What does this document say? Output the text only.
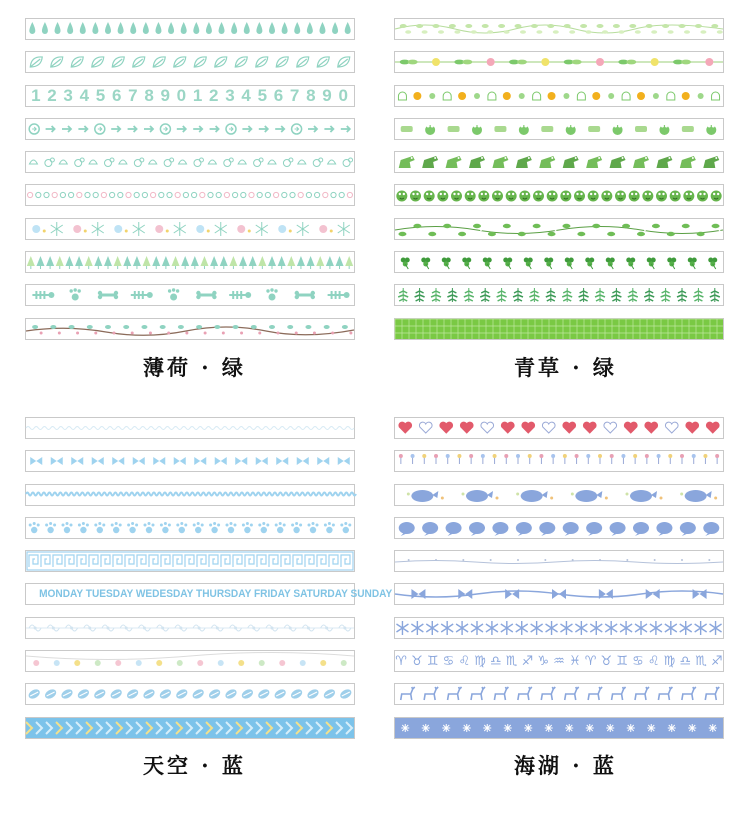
1 2 3 4 5 6 7 8 9 0 1 2 3 4 5 6 7 8 9 0
薄荷 · 绿	青草 · 绿
MONDAY TUESDAY WEDESDAY THURSDAY FRIDAY SATURDAY SUNDAY
天空 · 蓝
♈ ♉ ♊ ♋ ♌ ♍ ♎ ♏ ♐ ♑ ♒ ♓ ♈ ♉ ♊ ♋ ♌ ♍ ♎ ♏ ♐
海湖 · 蓝
